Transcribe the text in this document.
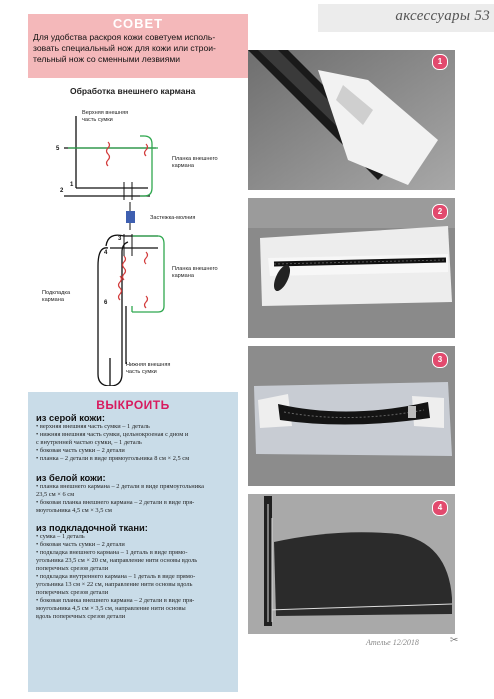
аксессуары 53
СОВЕТ
Для удобства раскроя кожи советуем исполь-
зовать специальный нож для кожи или строи-
тельный нож со сменными лезвиями
Обработка внешнего кармана
5
2
1
3
4
6
Верхняя внешняя
часть сумки
Планка внешнего
кармана
Застежка-молния
Планка внешнего
кармана
Подкладка
кармана
Нижняя внешняя
часть сумки
ВЫКРОИТЬ
из серой кожи:
• верхняя внешняя часть сумки – 1 деталь
• нижняя внешняя часть сумки, цельнокроеная с дном и
с внутренней частью сумки, – 1 деталь
• боковая часть сумки – 2 детали
• планка – 2 детали в виде прямоугольника 8 см × 2,5 см
из белой кожи:
• планка внешнего кармана – 2 детали в виде прямоугольника
23,5 см × 6 см
• боковая планка внешнего кармана – 2 детали в виде пря-
моугольника 4,5 см × 3,5 см
из подкладочной ткани:
• сумка – 1 деталь
• боковая часть сумки – 2 детали
• подкладка внешнего кармана – 1 деталь в виде прямо-
угольника 23,5 см × 20 см, направление нити основы вдоль
поперечных срезов детали
• подкладка внутреннего кармана – 1 деталь в виде прямо-
угольника 13 см × 22 см, направление нити основы вдоль
поперечных срезов детали
• боковая планка внешнего кармана – 2 детали в виде пря-
моугольника 4,5 см × 3,5 см, направление нити основы
вдоль поперечных срезов детали
1
2
3
4
Ателье 12/2018	✂
